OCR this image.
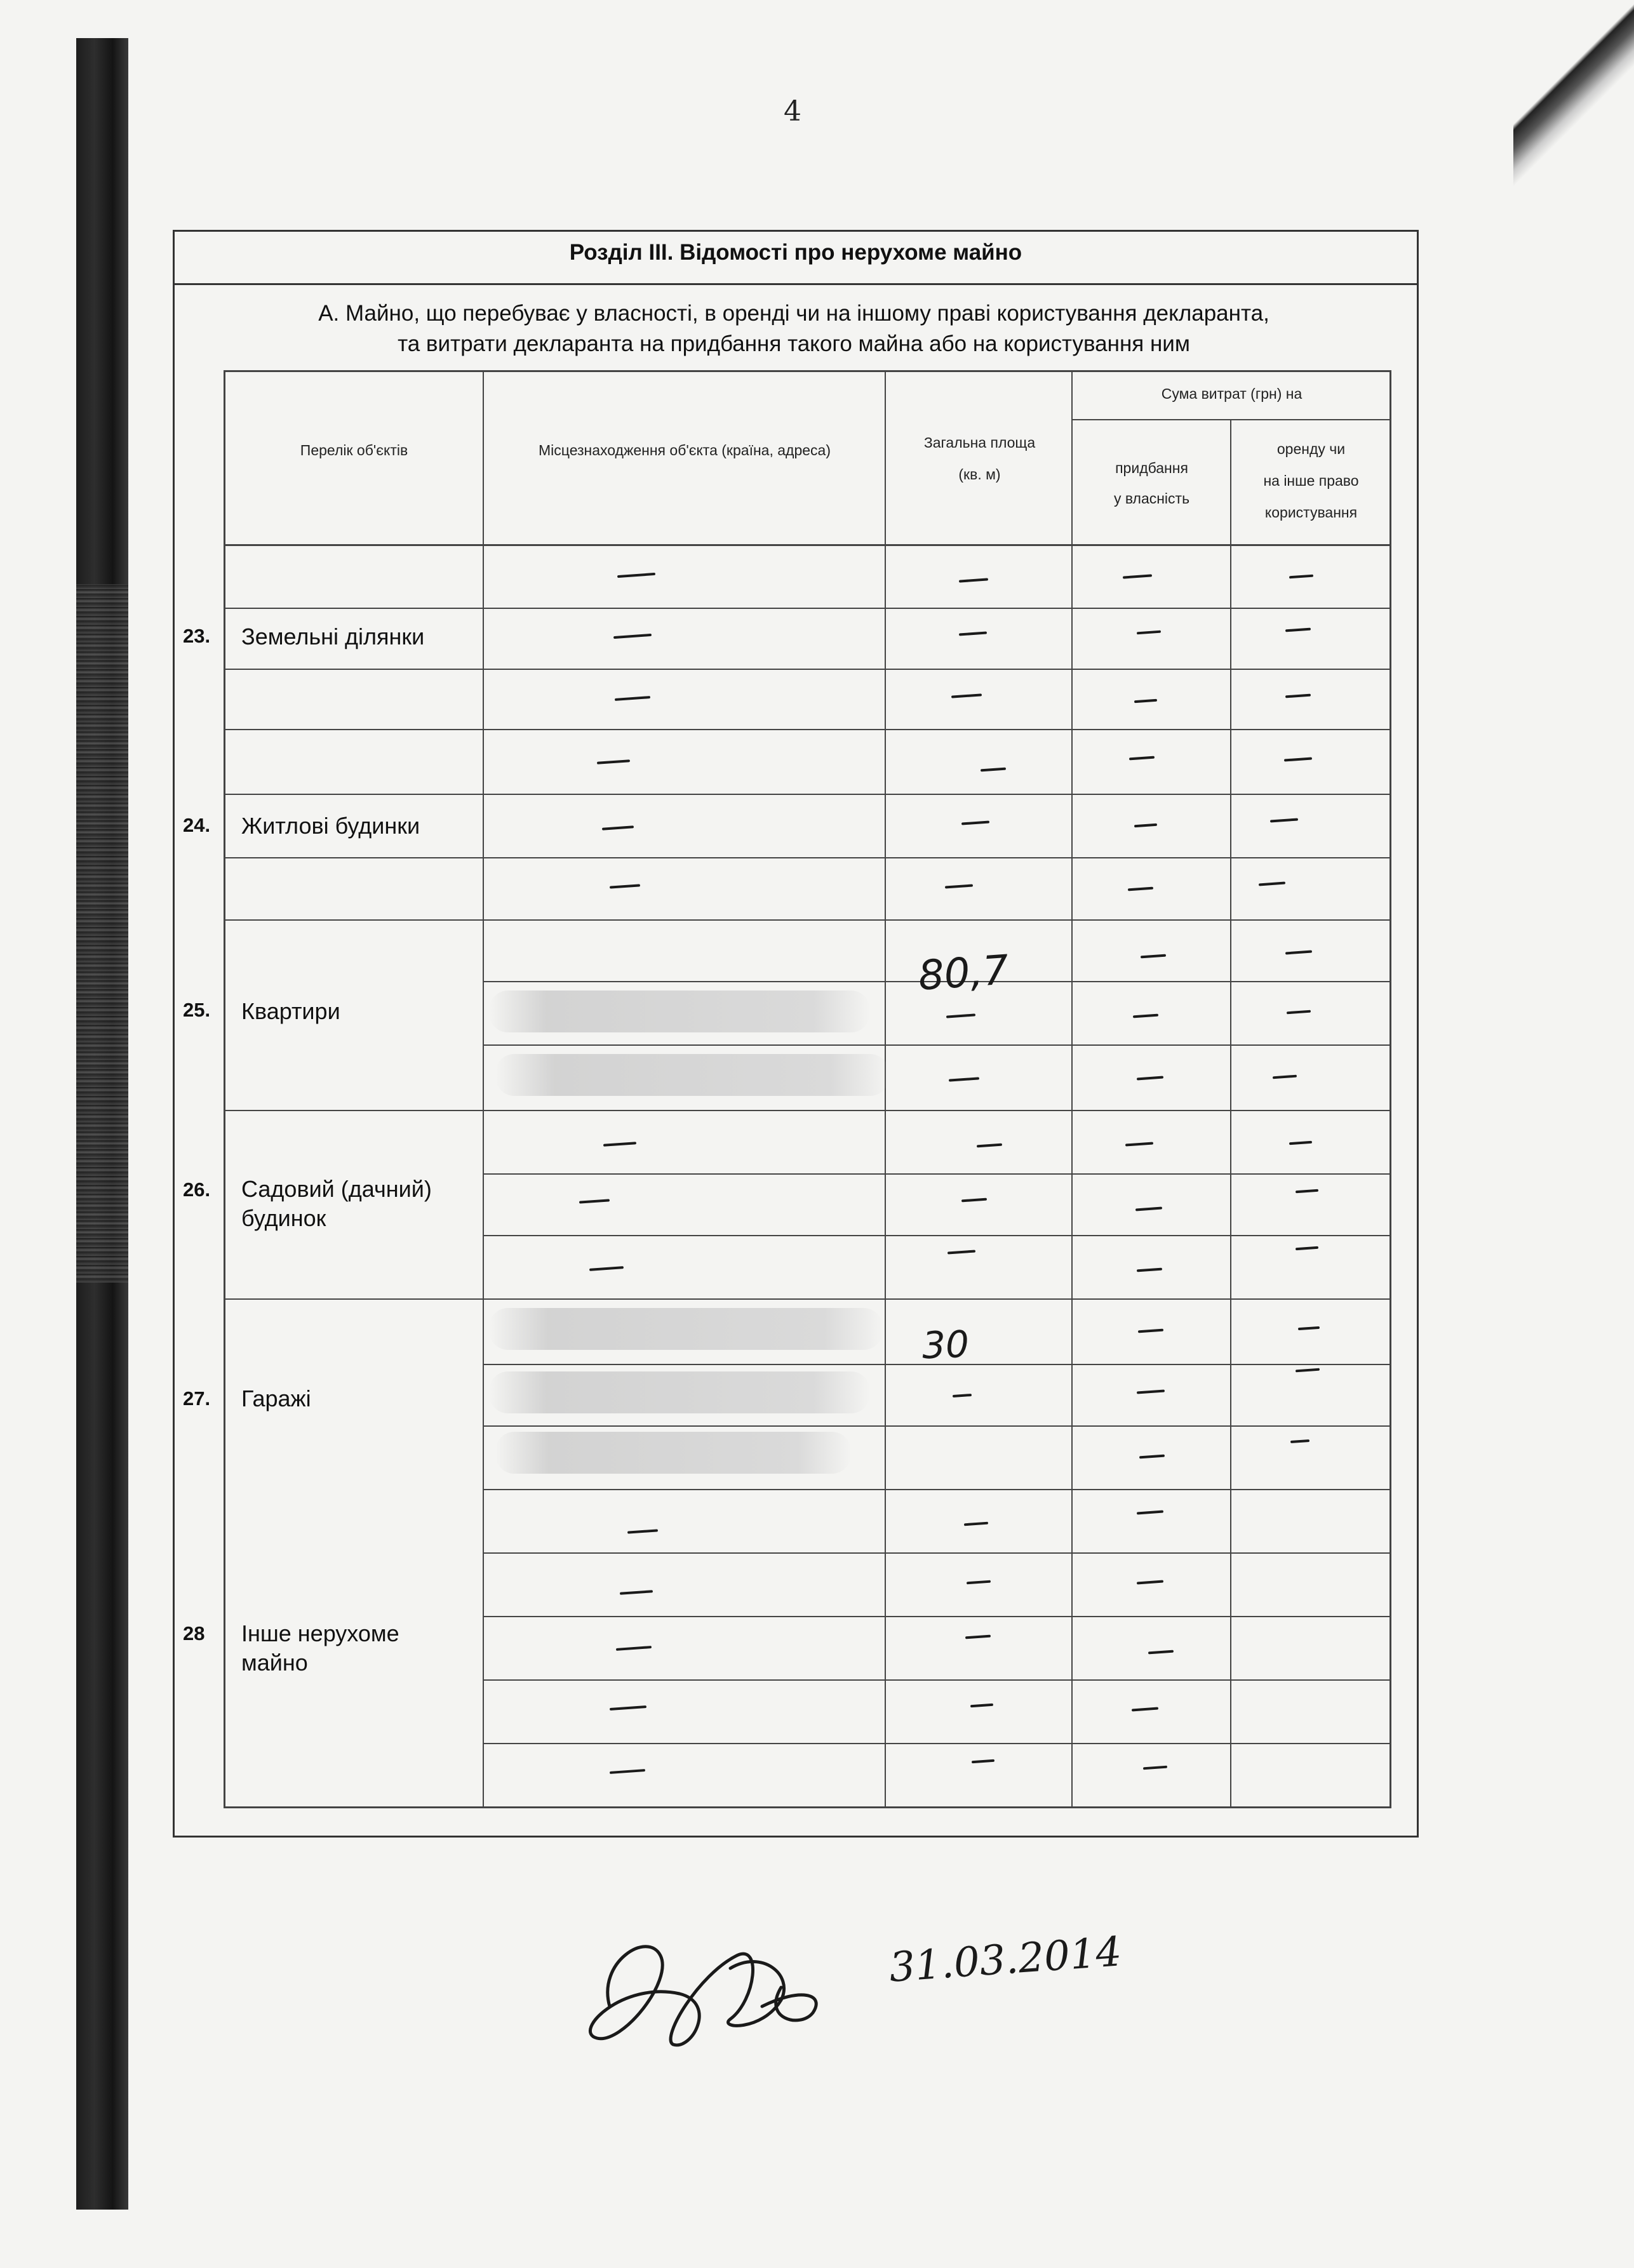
4
Розділ ІІІ. Відомості про нерухоме майно
А. Майно, що перебуває у власності, в оренді чи на іншому праві користування декларанта,
та витрати декларанта на придбання такого майна або на користування ним
Перелік об'єктів	Місцезнаходження об'єкта (країна, адреса)	Загальна площа
(кв. м)
Сума витрат (грн) на
придбання
у власність
оренду чи
на інше право
користування
23. Земельні ділянки
24. Житлові будинки
25. Квартири
26. Садовий (дачний)
будинок
27. Гаражі
28 Інше нерухоме
майно
80,7
30
31.03.2014
